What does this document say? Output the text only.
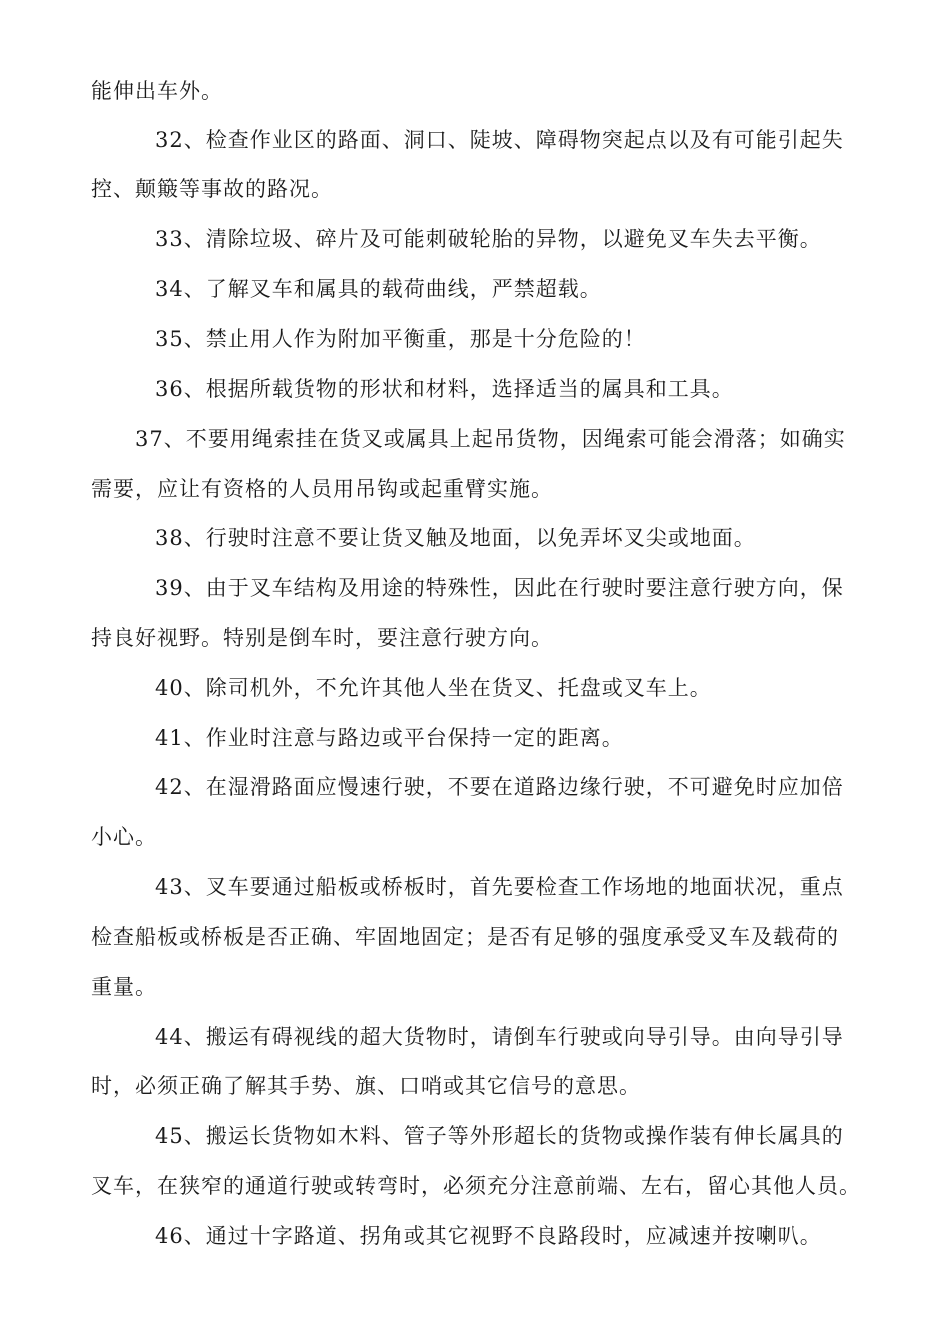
能伸出车外。
32、检查作业区的路面、洞口、陡坡、障碍物突起点以及有可能引起失
控、颠簸等事故的路况。
33、清除垃圾、碎片及可能刺破轮胎的异物，以避免叉车失去平衡。
34、了解叉车和属具的载荷曲线，严禁超载。
35、禁止用人作为附加平衡重，那是十分危险的！
36、根据所载货物的形状和材料，选择适当的属具和工具。
37、不要用绳索挂在货叉或属具上起吊货物，因绳索可能会滑落；如确实
需要，应让有资格的人员用吊钩或起重臂实施。
38、行驶时注意不要让货叉触及地面，以免弄坏叉尖或地面。
39、由于叉车结构及用途的特殊性，因此在行驶时要注意行驶方向，保
持良好视野。特别是倒车时，要注意行驶方向。
40、除司机外，不允许其他人坐在货叉、托盘或叉车上。
41、作业时注意与路边或平台保持一定的距离。
42、在湿滑路面应慢速行驶，不要在道路边缘行驶，不可避免时应加倍
小心。
43、叉车要通过船板或桥板时，首先要检查工作场地的地面状况，重点
检查船板或桥板是否正确、牢固地固定；是否有足够的强度承受叉车及载荷的
重量。
44、搬运有碍视线的超大货物时，请倒车行驶或向导引导。由向导引导
时，必须正确了解其手势、旗、口哨或其它信号的意思。
45、搬运长货物如木料、管子等外形超长的货物或操作装有伸长属具的
叉车，在狭窄的通道行驶或转弯时，必须充分注意前端、左右，留心其他人员。
46、通过十字路道、拐角或其它视野不良路段时，应减速并按喇叭。
